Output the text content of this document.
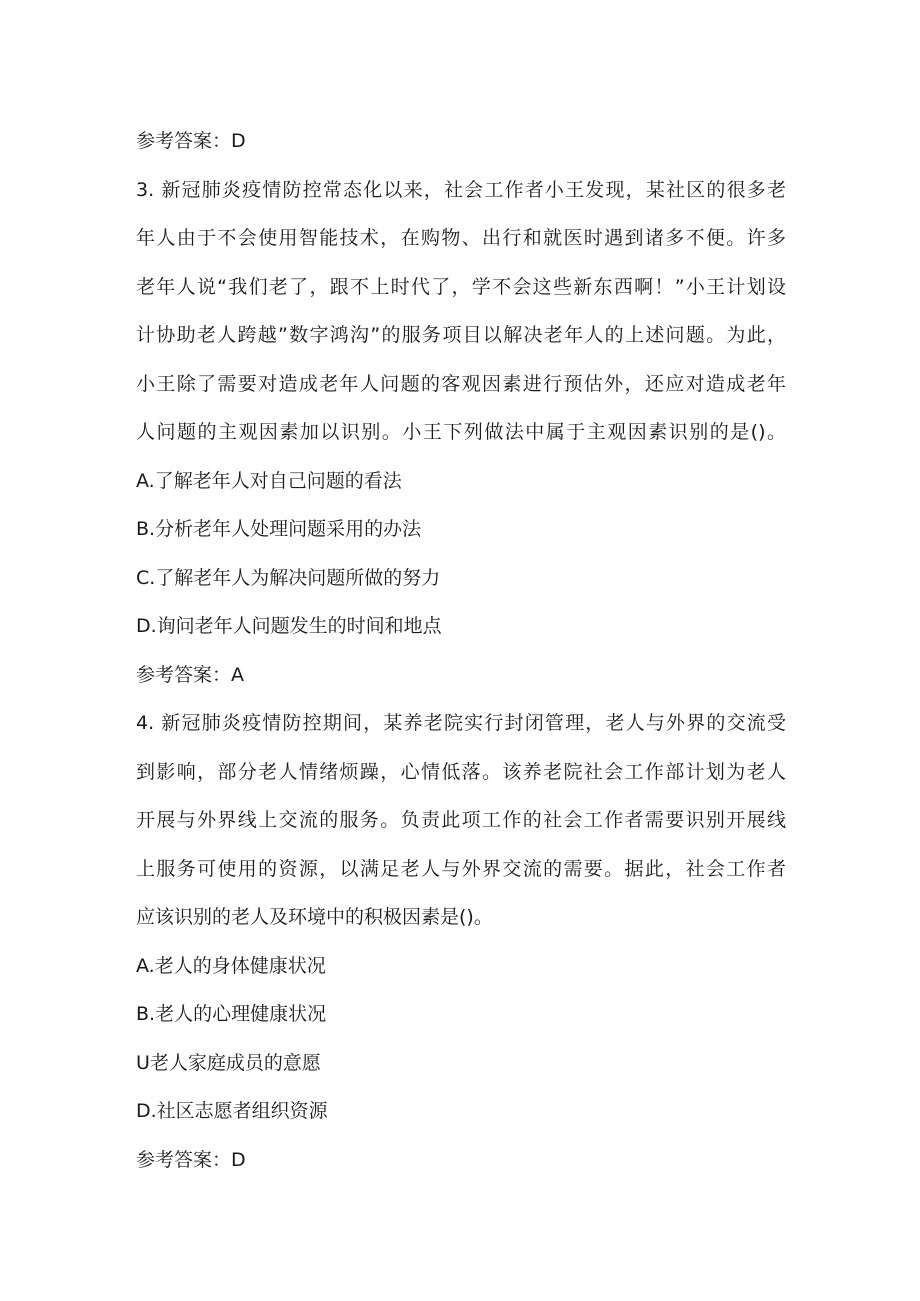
参考答案：D
3. 新冠肺炎疫情防控常态化以来，社会工作者小王发现，某社区的很多老
年人由于不会使用智能技术，在购物、出行和就医时遇到诸多不便。许多
老年人说“我们老了，跟不上时代了，学不会这些新东西啊！”小王计划设
计协助老人跨越”数字鸿沟”的服务项目以解决老年人的上述问题。为此，
小王除了需要对造成老年人问题的客观因素进行预估外，还应对造成老年
人问题的主观因素加以识别。小王下列做法中属于主观因素识别的是()。
A.了解老年人对自己问题的看法
B.分析老年人处理问题采用的办法
C.了解老年人为解决问题所做的努力
D.询问老年人问题发生的时间和地点
参考答案：A
4. 新冠肺炎疫情防控期间，某养老院实行封闭管理，老人与外界的交流受
到影响，部分老人情绪烦躁，心情低落。该养老院社会工作部计划为老人
开展与外界线上交流的服务。负责此项工作的社会工作者需要识别开展线
上服务可使用的资源，以满足老人与外界交流的需要。据此，社会工作者
应该识别的老人及环境中的积极因素是()。
A.老人的身体健康状况
B.老人的心理健康状况
U老人家庭成员的意愿
D.社区志愿者组织资源
参考答案：D
